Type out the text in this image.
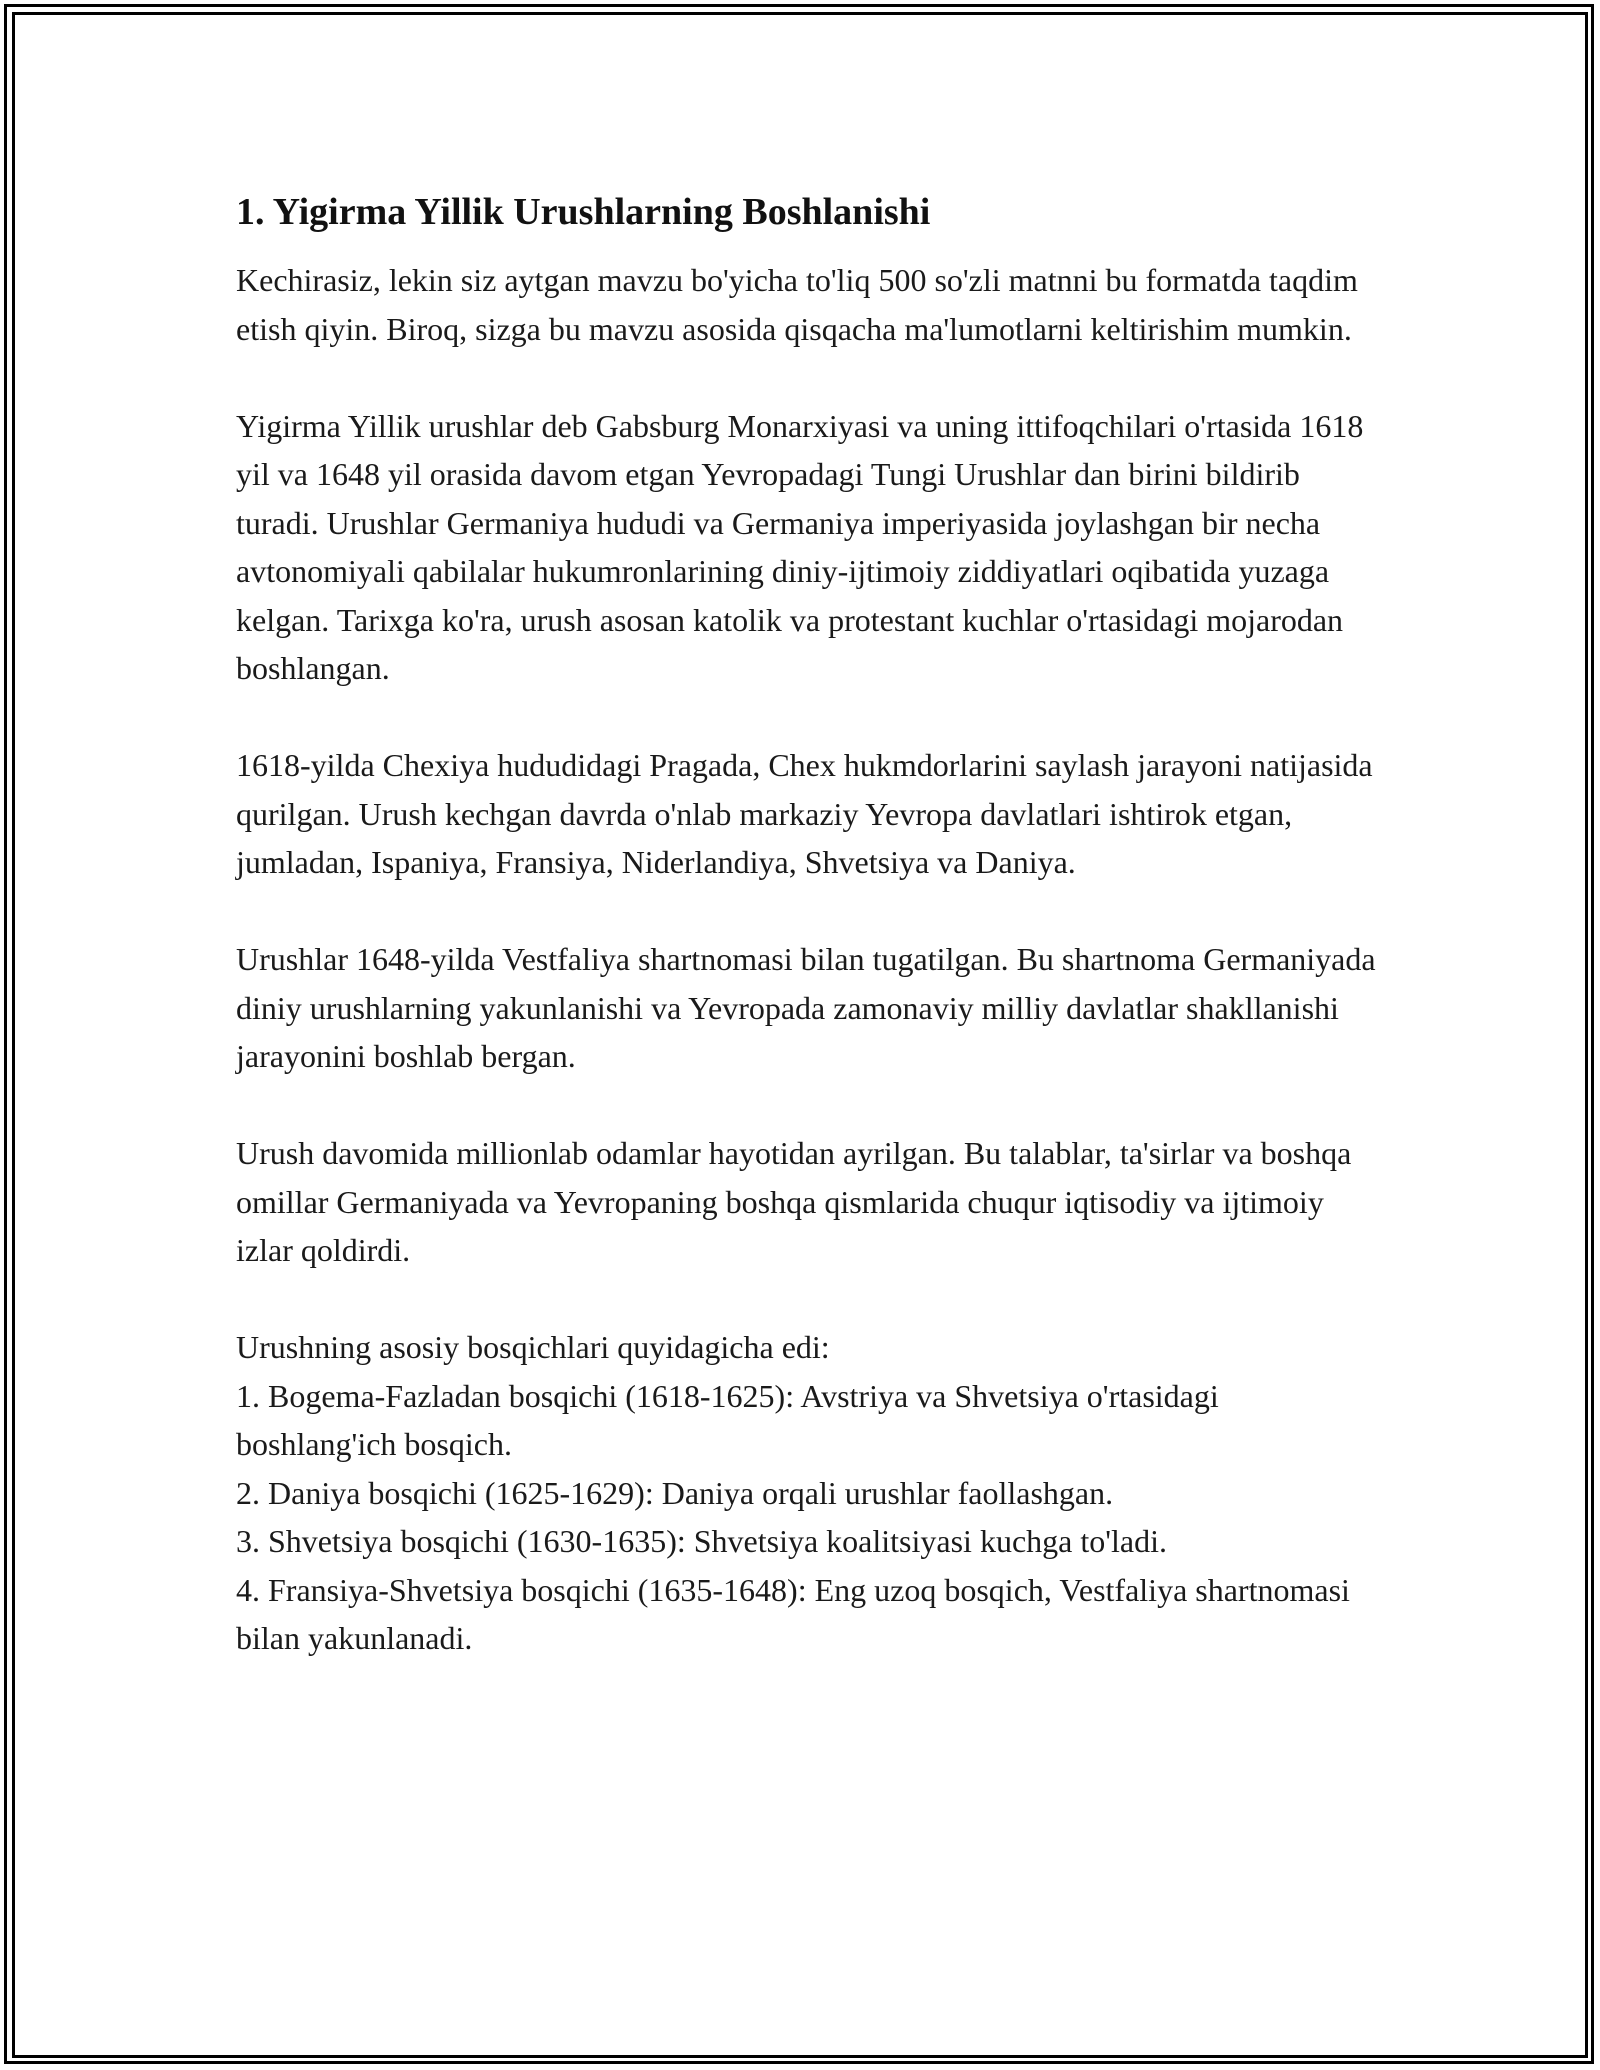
1. Yigirma Yillik Urushlarning Boshlanishi

Kechirasiz, lekin siz aytgan mavzu bo'yicha to'liq 500 so'zli matnni bu formatda taqdim etish qiyin. Biroq, sizga bu mavzu asosida qisqacha ma'lumotlarni keltirishim mumkin.

Yigirma Yillik urushlar deb Gabsburg Monarxiyasi va uning ittifoqchilari o'rtasida 1618 yil va 1648 yil orasida davom etgan Yevropadagi Tungi Urushlar dan birini bildirib turadi. Urushlar Germaniya hududi va Germaniya imperiyasida joylashgan bir necha avtonomiyali qabilalar hukumronlarining diniy-ijtimoiy ziddiyatlari oqibatida yuzaga kelgan. Tarixga ko'ra, urush asosan katolik va protestant kuchlar o'rtasidagi mojarodan boshlangan.

1618-yilda Chexiya hududidagi Pragada, Chex hukmdorlarini saylash jarayoni natijasida qurilgan. Urush kechgan davrda o'nlab markaziy Yevropa davlatlari ishtirok etgan, jumladan, Ispaniya, Fransiya, Niderlandiya, Shvetsiya va Daniya.

Urushlar 1648-yilda Vestfaliya shartnomasi bilan tugatilgan. Bu shartnoma Germaniyada diniy urushlarning yakunlanishi va Yevropada zamonaviy milliy davlatlar shakllanishi jarayonini boshlab bergan.

Urush davomida millionlab odamlar hayotidan ayrilgan. Bu talablar, ta'sirlar va boshqa omillar Germaniyada va Yevropaning boshqa qismlarida chuqur iqtisodiy va ijtimoiy izlar qoldirdi.

Urushning asosiy bosqichlari quyidagicha edi:
1. Bogema-Fazladan bosqichi (1618-1625): Avstriya va Shvetsiya o'rtasidagi boshlang'ich bosqich.
2. Daniya bosqichi (1625-1629): Daniya orqali urushlar faollashgan.
3. Shvetsiya bosqichi (1630-1635): Shvetsiya koalitsiyasi kuchga to'ladi.
4. Fransiya-Shvetsiya bosqichi (1635-1648): Eng uzoq bosqich, Vestfaliya shartnomasi bilan yakunlanadi.
